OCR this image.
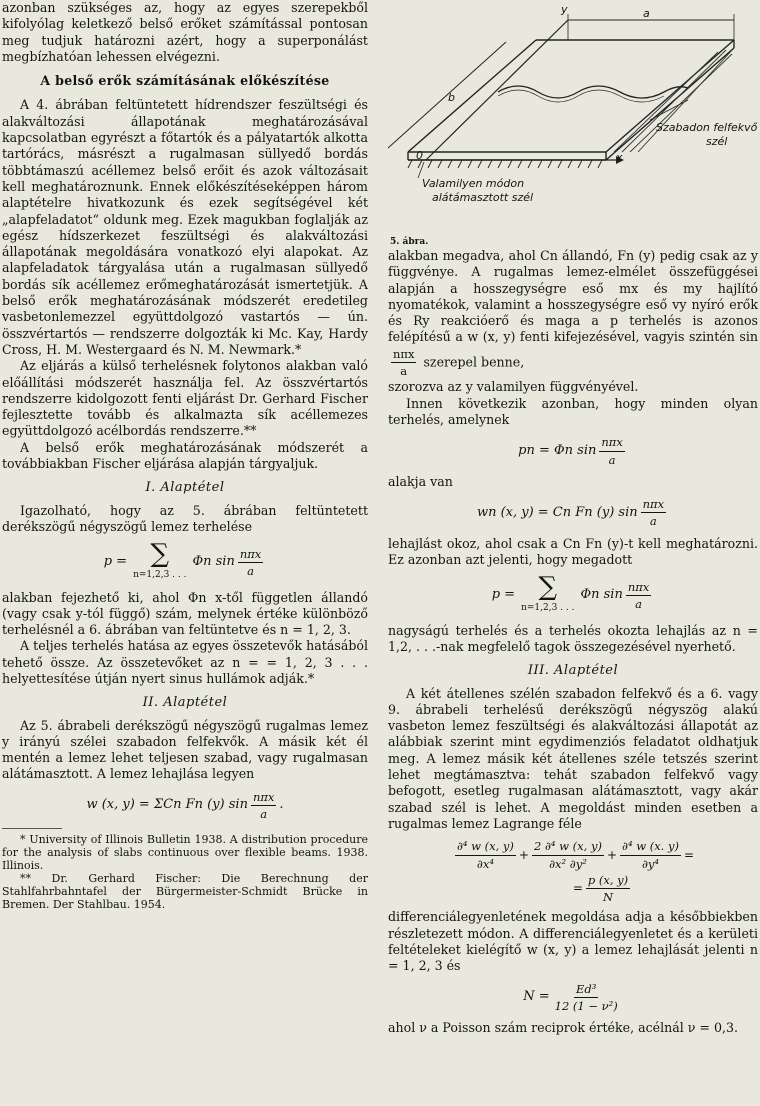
azonban szükséges az, hogy az egyes szerepekből kifolyólag keletkező belső erőket számítással pontosan meg tudjuk határozni azért, hogy a superponálást megbízhatóan lehessen elvégezni.

A belső erők számításának előkészítése

A 4. ábrában feltüntetett hídrendszer feszültségi és alakváltozási állapotának meghatározásával kapcsolatban egyrészt a főtartók és a pályatartók alkotta tartórács, másrészt a rugalmasan süllyedő bordás többtámaszú acéllemez belső erőit és azok változásait kell meghatároznunk. Ennek előkészítéseképpen három alaptételre hivatkozunk és ezek segítségével két „alapfeladatot“ oldunk meg. Ezek magukban foglalják az egész hídszerkezet feszültségi és alakváltozási állapotának megoldására vonatkozó elyi alapokat. Az alapfeladatok tárgyalása után a rugalmasan süllyedő bordás sík acéllemez erőmeghatározását ismertetjük. A belső erők meghatározásának módszerét eredetileg vasbetonlemezzel együttdolgozó vastartós — ún. összvértartós — rendszerre dolgozták ki Mc. Kay, Hardy Cross, H. M. Westergaard és N. M. Newmark.*

Az eljárás a külső terhelésnek folytonos alakban való előállítási módszerét használja fel. Az összvértartós rendszerre kidolgozott fenti eljárást Dr. Gerhard Fischer fejlesztette tovább és alkalmazta sík acéllemezes együttdolgozó acélbordás rendszerre.**

A belső erők meghatározásának módszerét a továbbiakban Fischer eljárása alapján tárgyaljuk.

I. Alaptétel

Igazolható, hogy az 5. ábrában feltüntetett derékszögű négyszögű lemez terhelése

p = ∑
n=1,2,3 . . .
Φn $\sin \frac{\text{nπx}}{a}$

alakban fejezhető ki, ahol Φn x-től független állandó (vagy csak y-tól függő) szám, melynek értéke különböző terhelésnél a 6. ábrában van feltüntetve és n = 1, 2, 3.

A teljes terhelés hatása az egyes összetevők hatásából tehető össze. Az összetevőket az n = = 1, 2, 3 . . . helyettesítése útján nyert sinus hullámok adják.*

II. Alaptétel

Az 5. ábrabeli derékszögű négyszögű rugalmas lemez y irányú szélei szabadon felfekvők. A másik két él mentén a lemez lehet teljesen szabad, vagy rugalmasan alátámasztott. A lemez lehajlása legyen

w (x, y) = ΣCn Fn (y) $\sin \frac{\text{nπx}}{a}$ .

* University of Illinois Bulletin 1938. A distribution procedure for the analysis of slabs continuous over flexible beams. 1938. Illinois.

** Dr. Gerhard Fischer: Die Berechnung der Stahlfahrbahntafel der Bürgermeister-Schmidt Brücke in Bremen. Der Stahlbau. 1954.

y	a
b
0	x
Szabadon felfekvő
szél
Valamilyen módon
alátámasztott szél
5. ábra.

alakban megadva, ahol Cn állandó, Fn (y) pedig csak az y függvénye. A rugalmas lemez-elmélet összefüggései alapján a hosszegységre eső mx és my hajlító nyomatékok, valamint a hosszegységre eső vy nyíró erők és Ry reakcióerő és maga a p terhelés is azonos felépítésű a w (x, y) fenti kifejezésével, vagyis szintén sin
$\frac{\text{nπx}}{a}$ szerepel benne,

szorozva az y valamilyen függvényével.

Innen következik azonban, hogy minden olyan terhelés, amelynek

pn = Φn $\sin \frac{\text{nπx}}{a}$

alakja van

wn (x, y) = Cn Fn (y) $\sin \frac{\text{nπx}}{a}$

lehajlást okoz, ahol csak a Cn Fn (y)-t kell meghatározni. Ez azonban azt jelenti, hogy megadott

p = ∑
n=1,2,3 . . .
Φn $\sin \frac{\text{nπx}}{a}$

nagyságú terhelés és a terhelés okozta lehajlás az n = 1,2, . . .-nak megfelelő tagok összegezésével nyerhető.

III. Alaptétel

A két átellenes szélén szabadon felfekvő és a 6. vagy 9. ábrabeli terhelésű derékszögű négyszög alakú vasbeton lemez feszültségi és alakváltozási állapotát az alábbiak szerint mint egydimenziós feladatot oldhatjuk meg. A lemez másik két átellenes széle tetszés szerint lehet megtámasztva: tehát szabadon felfekvő vagy befogott, esetleg rugalmasan alátámasztott, vagy akár szabad szél is lehet. A megoldást minden esetben a rugalmas lemez Lagrange féle

$\frac{\text{∂⁴ w (x, y)}}{\text{∂x⁴}} + \frac{\text{2 ∂⁴ w (x, y)}}{\text{∂x² ∂y²}} + \frac{\text{∂⁴ w (x. y)}}{\text{∂y⁴}}$ =
= $\frac{p (x, y)}{N}$

differenciálegyenletének megoldása adja a későbbiekben részletezett módon. A differenciálegyenletet és a kerületi feltételeket kielégítő w (x, y) a lemez lehajlását jelenti n = 1, 2, 3 és

$N = \frac{\text{Ed³}}{\text{12 (1 − ν²)}}$

ahol ν a Poisson szám reciprok értéke, acélnál ν = 0,3.
